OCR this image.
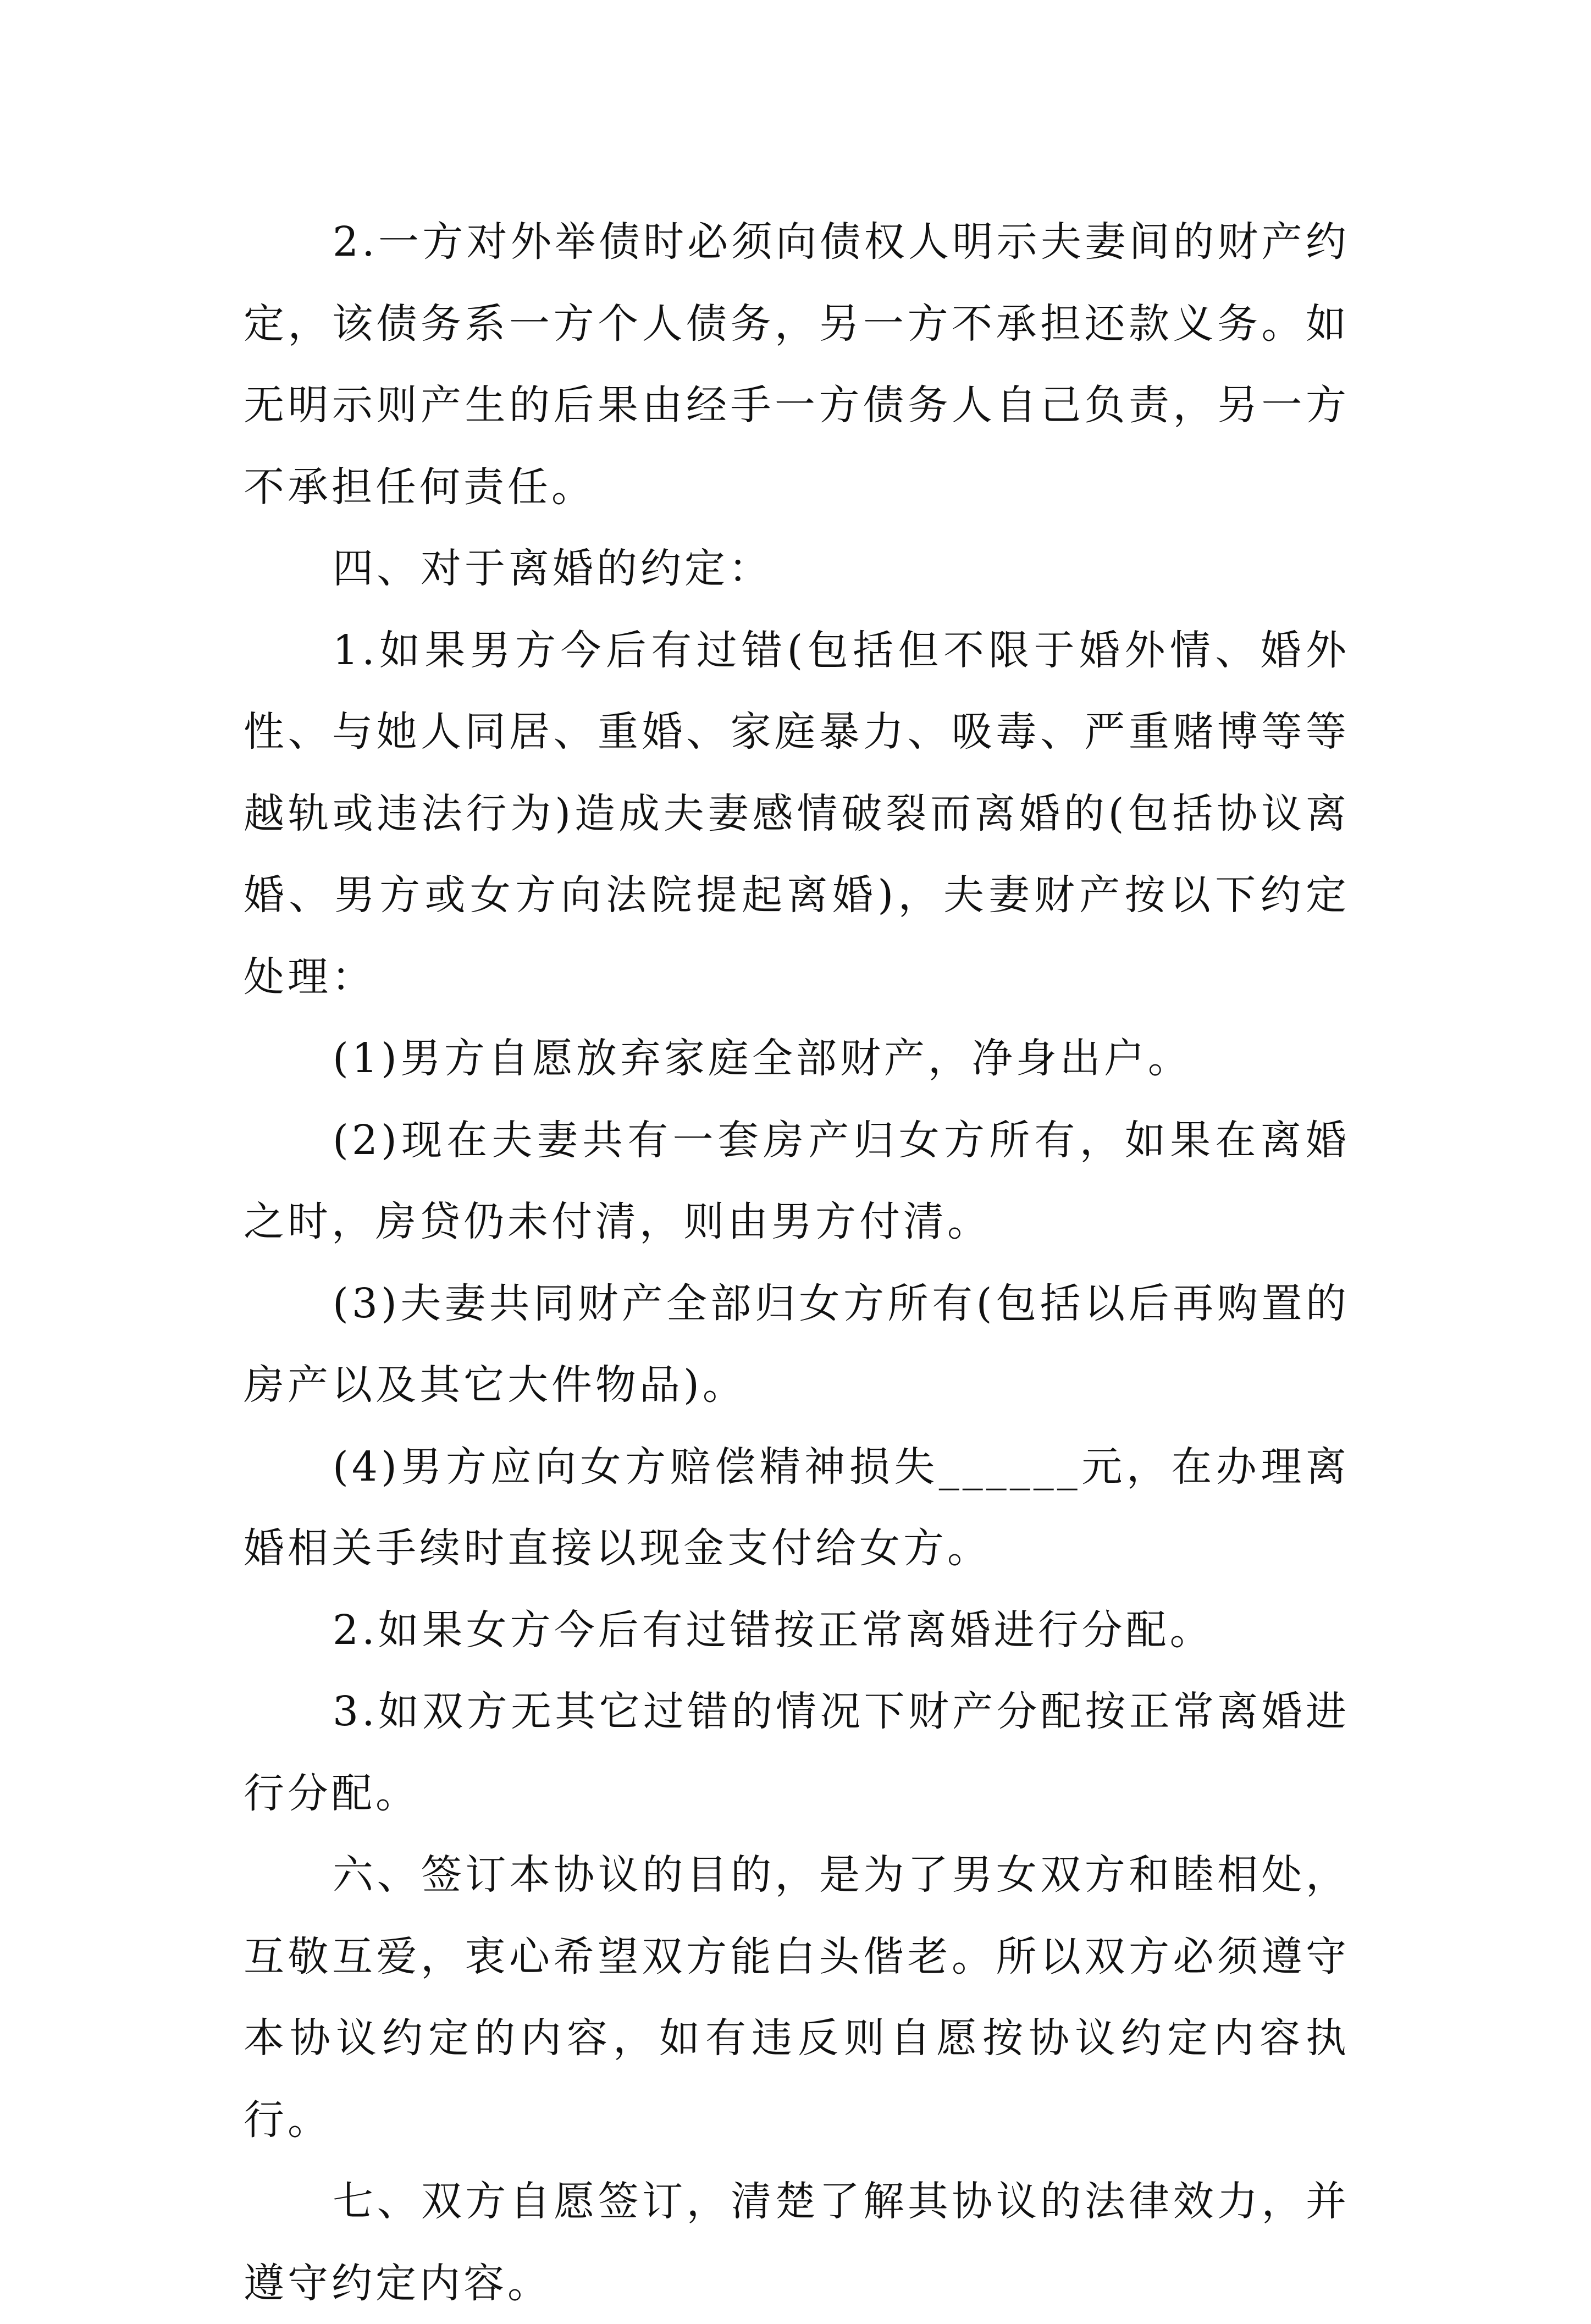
2.一方对外举债时必须向债权人明示夫妻间的财产约定，该债务系一方个人债务，另一方不承担还款义务。如无明示则产生的后果由经手一方债务人自己负责，另一方不承担任何责任。

四、对于离婚的约定：

1.如果男方今后有过错(包括但不限于婚外情、婚外性、与她人同居、重婚、家庭暴力、吸毒、严重赌博等等越轨或违法行为)造成夫妻感情破裂而离婚的(包括协议离婚、男方或女方向法院提起离婚)，夫妻财产按以下约定处理：

(1)男方自愿放弃家庭全部财产，净身出户。

(2)现在夫妻共有一套房产归女方所有，如果在离婚之时，房贷仍未付清，则由男方付清。

(3)夫妻共同财产全部归女方所有(包括以后再购置的房产以及其它大件物品)。

(4)男方应向女方赔偿精神损失______元，在办理离婚相关手续时直接以现金支付给女方。

2.如果女方今后有过错按正常离婚进行分配。

3.如双方无其它过错的情况下财产分配按正常离婚进行分配。

六、签订本协议的目的，是为了男女双方和睦相处，互敬互爱，衷心希望双方能白头偕老。所以双方必须遵守本协议约定的内容，如有违反则自愿按协议约定内容执行。

七、双方自愿签订，清楚了解其协议的法律效力，并遵守约定内容。
